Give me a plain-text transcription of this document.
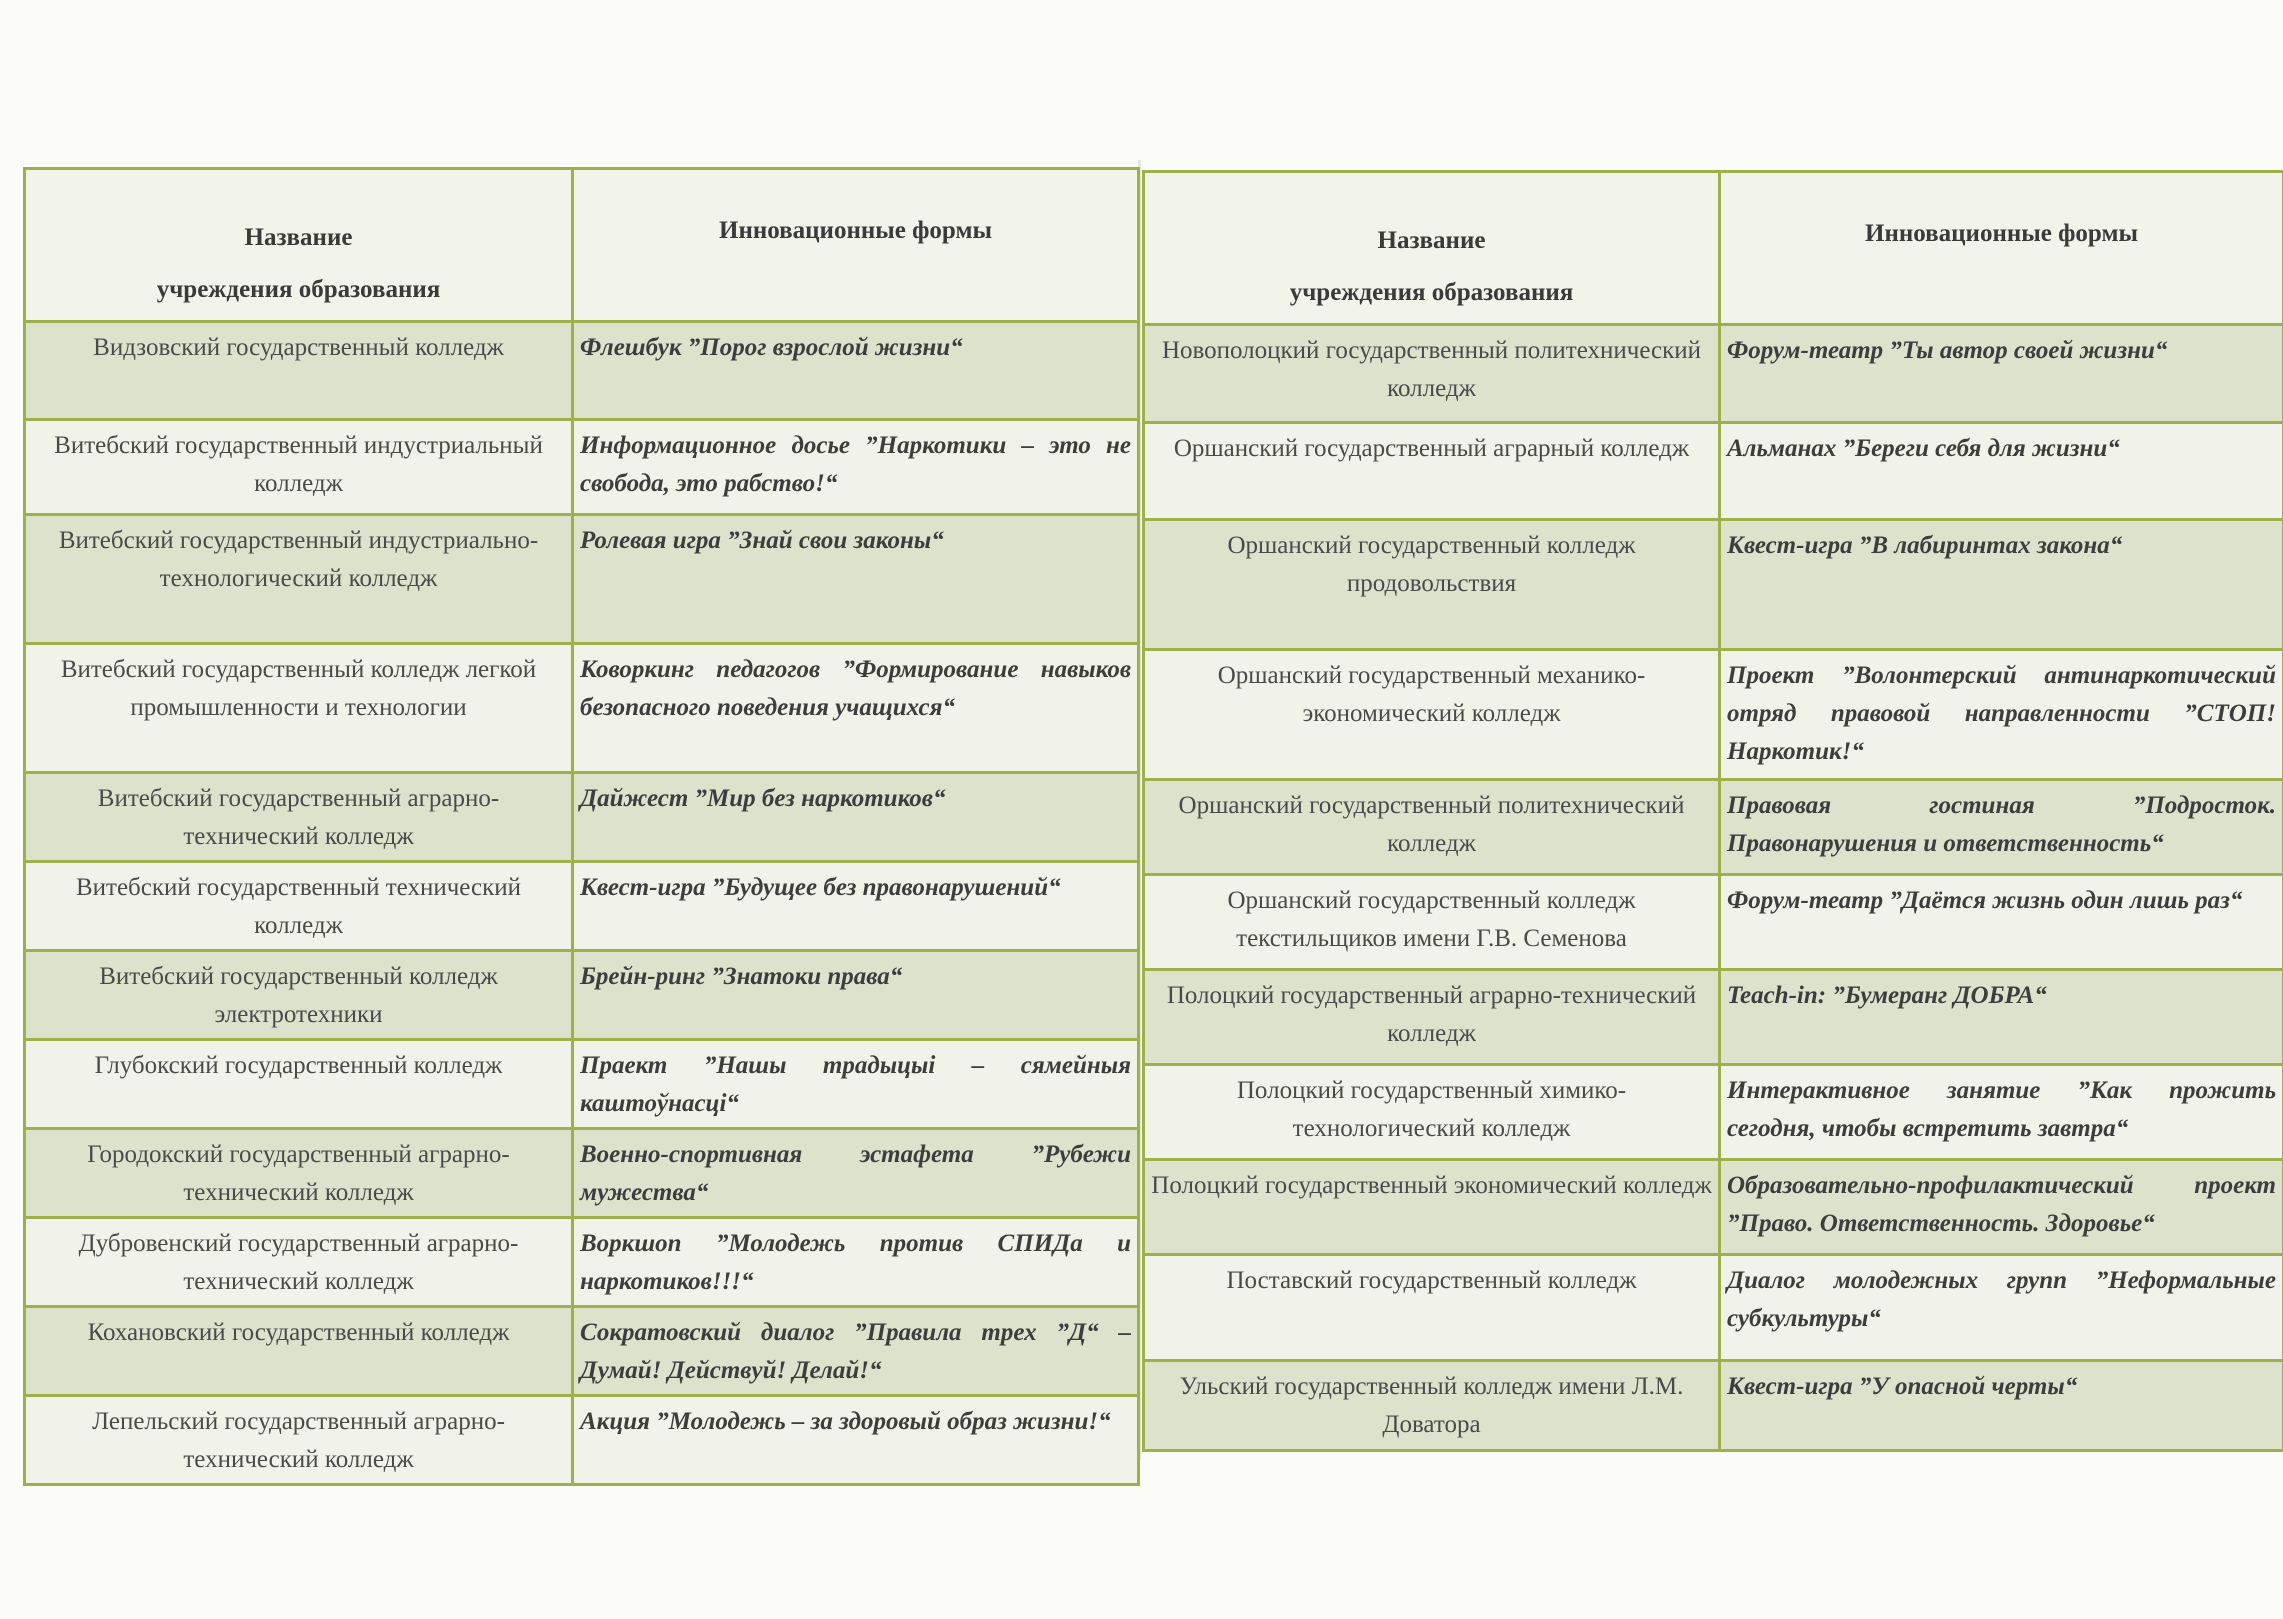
Название
учреждения образования	Инновационные формы
Видзовский государственный колледж	Флешбук ”Порог взрослой жизни“
Витебский государственный индустриальный колледж	Информационное досье ”Наркотики – это не свобода, это рабство!“
Витебский государственный индустриально-технологический колледж	Ролевая игра ”Знай свои законы“
Витебский государственный колледж легкой промышленности и технологии	Коворкинг педагогов ”Формирование навыков безопасного поведения учащихся“
Витебский государственный аграрно-технический колледж	Дайжест ”Мир без наркотиков“
Витебский государственный технический колледж	Квест-игра ”Будущее без правонарушений“
Витебский государственный колледж электротехники	Брейн-ринг ”Знатоки права“
Глубокский государственный колледж	Праект ”Нашы традыцыі – сямейныя каштоўнасці“
Городокский государственный аграрно-технический колледж	Военно-спортивная эстафета ”Рубежи мужества“
Дубровенский государственный аграрно-технический колледж	Воркшоп ”Молодежь против СПИДа и наркотиков!!!“
Кохановский государственный колледж	Сократовский диалог ”Правила трех ”Д“ – Думай! Действуй! Делай!“
Лепельский государственный аграрно-технический колледж	Акция ”Молодежь – за здоровый образ жизни!“
Название
учреждения образования	Инновационные формы
Новополоцкий государственный политехнический колледж	Форум-театр ”Ты автор своей жизни“
Оршанский государственный аграрный колледж	Альманах ”Береги себя для жизни“
Оршанский государственный колледж продовольствия	Квест-игра ”В лабиринтах закона“
Оршанский государственный механико-экономический колледж	Проект ”Волонтерский антинаркотический отряд правовой направленности ”СТОП! Наркотик!“
Оршанский государственный политехнический колледж	Правовая гостиная ”Подросток. Правонарушения и ответственность“
Оршанский государственный колледж текстильщиков имени Г.В. Семенова	Форум-театр ”Даётся жизнь один лишь раз“
Полоцкий государственный аграрно-технический колледж	Teach-in: ”Бумеранг ДОБРА“
Полоцкий государственный химико-технологический колледж	Интерактивное занятие ”Как прожить сегодня, чтобы встретить завтра“
Полоцкий государственный экономический колледж	Образовательно-профилактический проект ”Право. Ответственность. Здоровье“
Поставский государственный колледж	Диалог молодежных групп ”Неформальные субкультуры“
Ульский государственный колледж имени Л.М. Доватора	Квест-игра ”У опасной черты“
